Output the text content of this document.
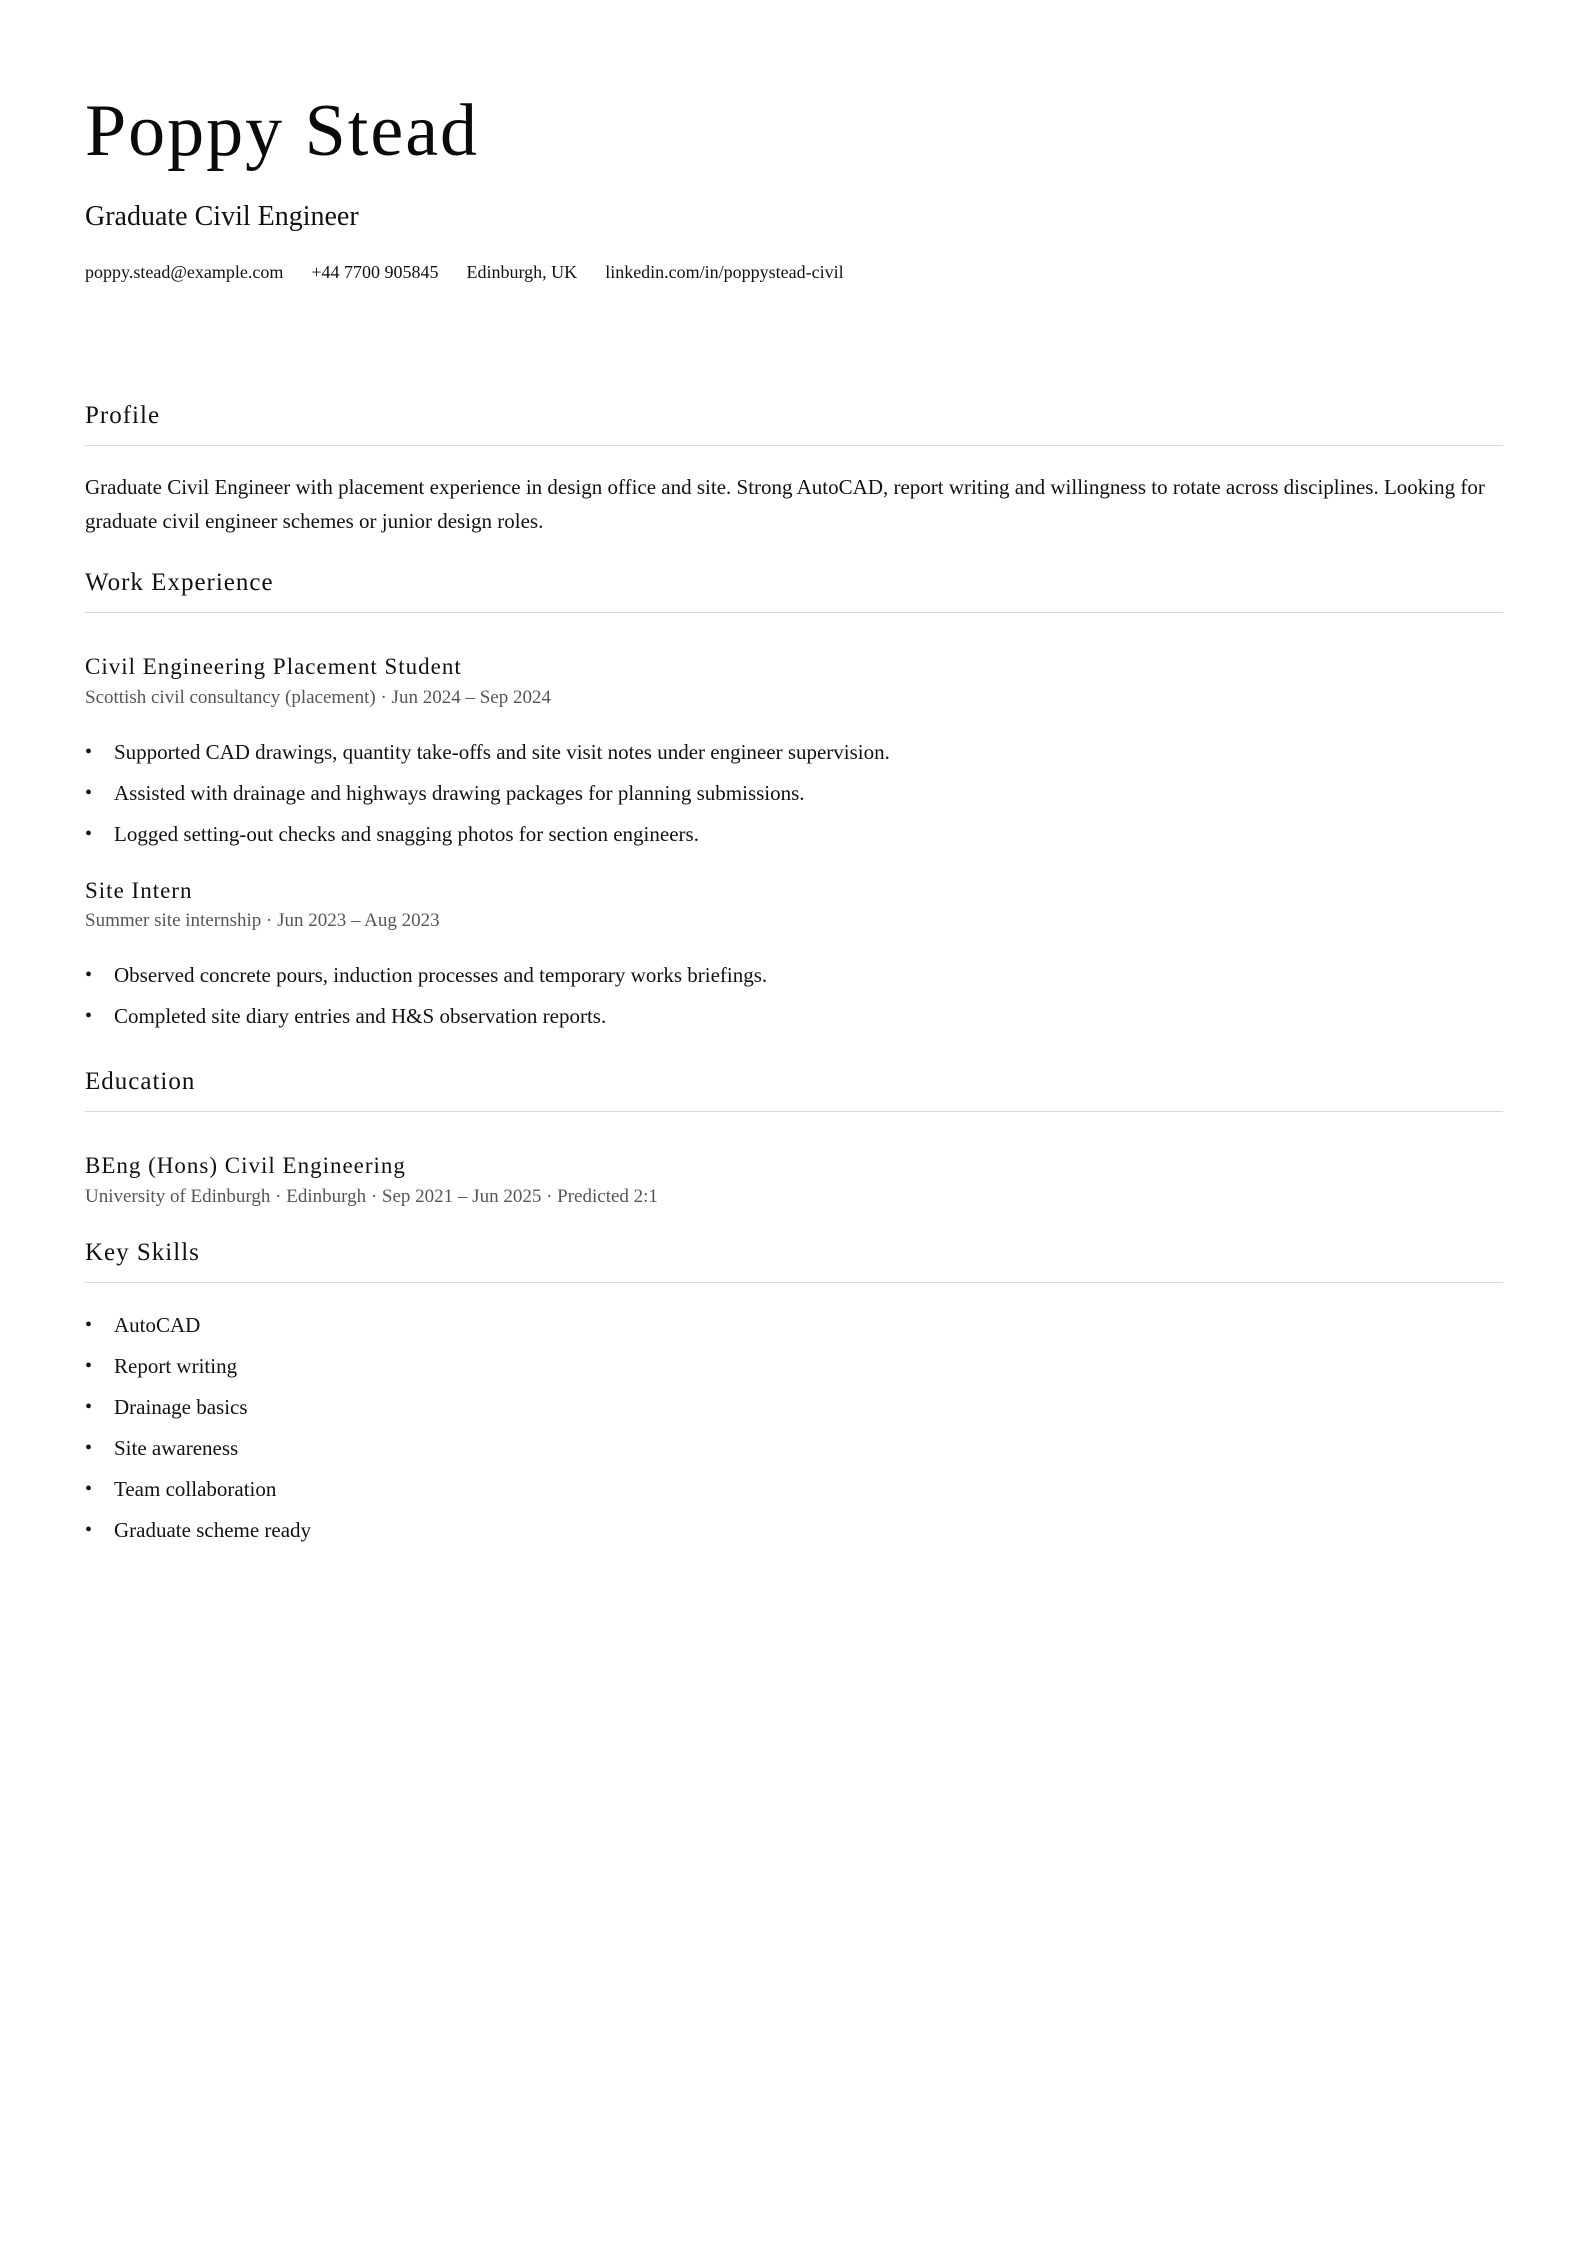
Poppy Stead
Graduate Civil Engineer
poppy.stead@example.com +44 7700 905845 Edinburgh, UK linkedin.com/in/poppystead-civil
Profile
Graduate Civil Engineer with placement experience in design office and site. Strong AutoCAD, report writing and willingness to rotate across disciplines. Looking for graduate civil engineer schemes or junior design roles.
Work Experience
Civil Engineering Placement Student
Scottish civil consultancy (placement) · Jun 2024 – Sep 2024
• Supported CAD drawings, quantity take-offs and site visit notes under engineer supervision.
• Assisted with drainage and highways drawing packages for planning submissions.
• Logged setting-out checks and snagging photos for section engineers.
Site Intern
Summer site internship · Jun 2023 – Aug 2023
• Observed concrete pours, induction processes and temporary works briefings.
• Completed site diary entries and H&S observation reports.
Education
BEng (Hons) Civil Engineering
University of Edinburgh · Edinburgh · Sep 2021 – Jun 2025 · Predicted 2:1
Key Skills
• AutoCAD
• Report writing
• Drainage basics
• Site awareness
• Team collaboration
• Graduate scheme ready
